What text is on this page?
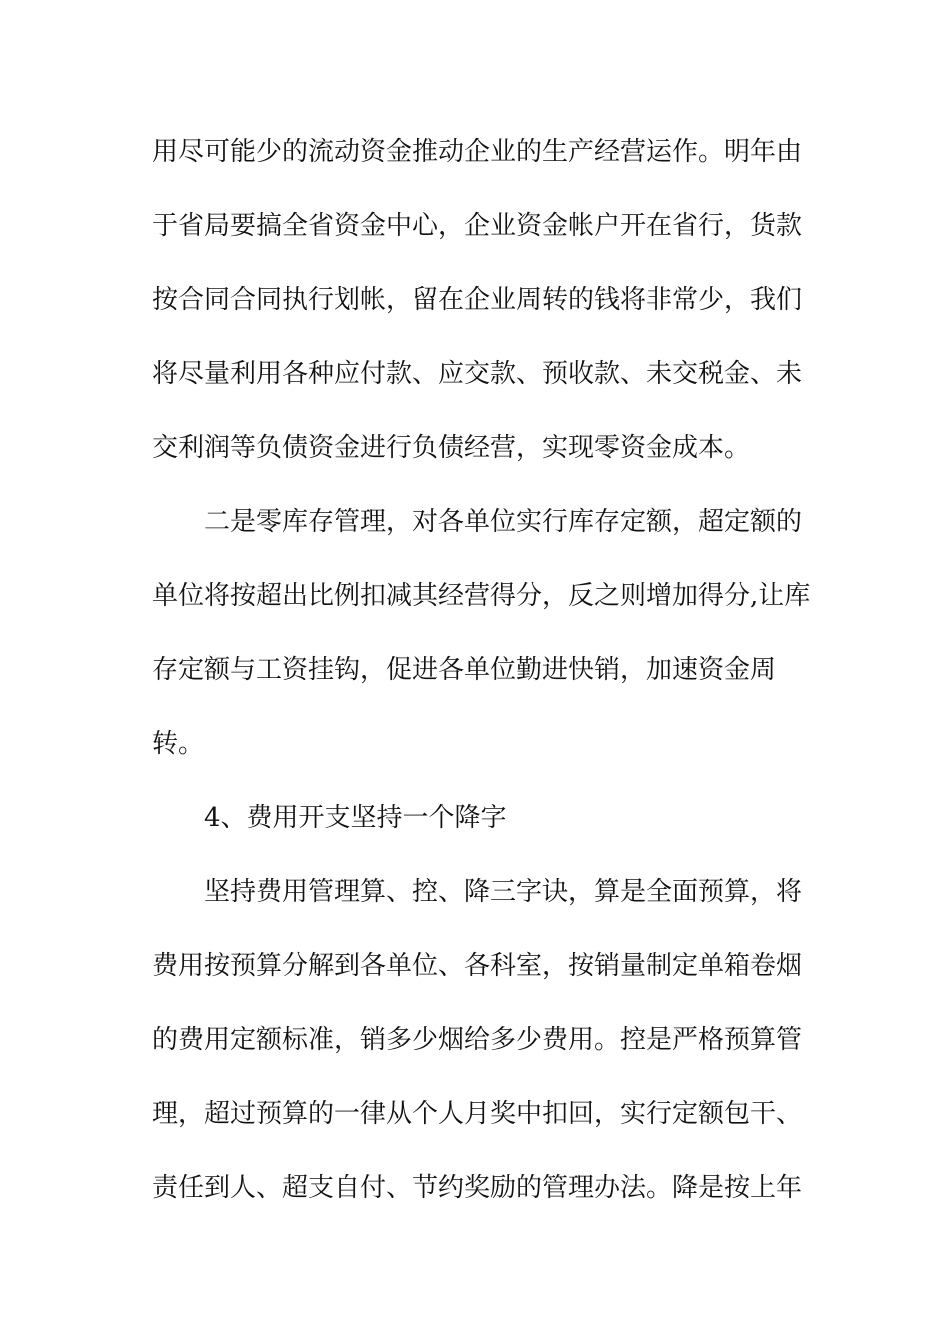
用尽可能少的流动资金推动企业的生产经营运作。明年由
于省局要搞全省资金中心，企业资金帐户开在省行，货款
按合同合同执行划帐，留在企业周转的钱将非常少，我们
将尽量利用各种应付款、应交款、预收款、未交税金、未
交利润等负债资金进行负债经营，实现零资金成本。
二是零库存管理，对各单位实行库存定额，超定额的
单位将按超出比例扣减其经营得分，反之则增加得分,让库
存定额与工资挂钩，促进各单位勤进快销，加速资金周
转。
4、费用开支坚持一个降字
坚持费用管理算、控、降三字诀，算是全面预算，将
费用按预算分解到各单位、各科室，按销量制定单箱卷烟
的费用定额标准，销多少烟给多少费用。控是严格预算管
理，超过预算的一律从个人月奖中扣回，实行定额包干、
责任到人、超支自付、节约奖励的管理办法。降是按上年
